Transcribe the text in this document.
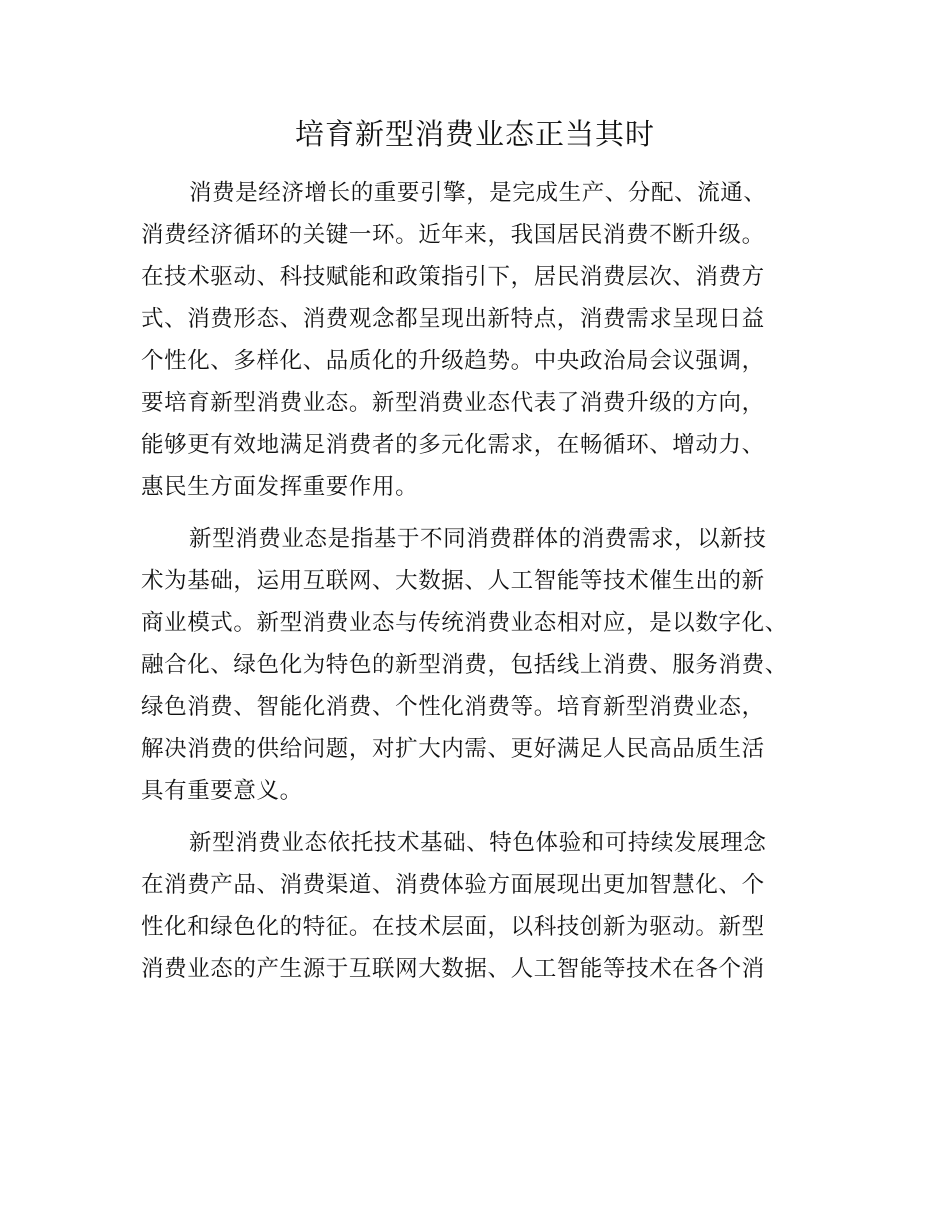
培育新型消费业态正当其时
消费是经济增长的重要引擎，是完成生产、分配、流通、
消费经济循环的关键一环。近年来，我国居民消费不断升级。
在技术驱动、科技赋能和政策指引下，居民消费层次、消费方
式、消费形态、消费观念都呈现出新特点，消费需求呈现日益
个性化、多样化、品质化的升级趋势。中央政治局会议强调，
要培育新型消费业态。新型消费业态代表了消费升级的方向，
能够更有效地满足消费者的多元化需求，在畅循环、增动力、
惠民生方面发挥重要作用。
新型消费业态是指基于不同消费群体的消费需求，以新技
术为基础，运用互联网、大数据、人工智能等技术催生出的新
商业模式。新型消费业态与传统消费业态相对应，是以数字化、
融合化、绿色化为特色的新型消费，包括线上消费、服务消费、
绿色消费、智能化消费、个性化消费等。培育新型消费业态，
解决消费的供给问题，对扩大内需、更好满足人民高品质生活
具有重要意义。
新型消费业态依托技术基础、特色体验和可持续发展理念
在消费产品、消费渠道、消费体验方面展现出更加智慧化、个
性化和绿色化的特征。在技术层面，以科技创新为驱动。新型
消费业态的产生源于互联网大数据、人工智能等技术在各个消
